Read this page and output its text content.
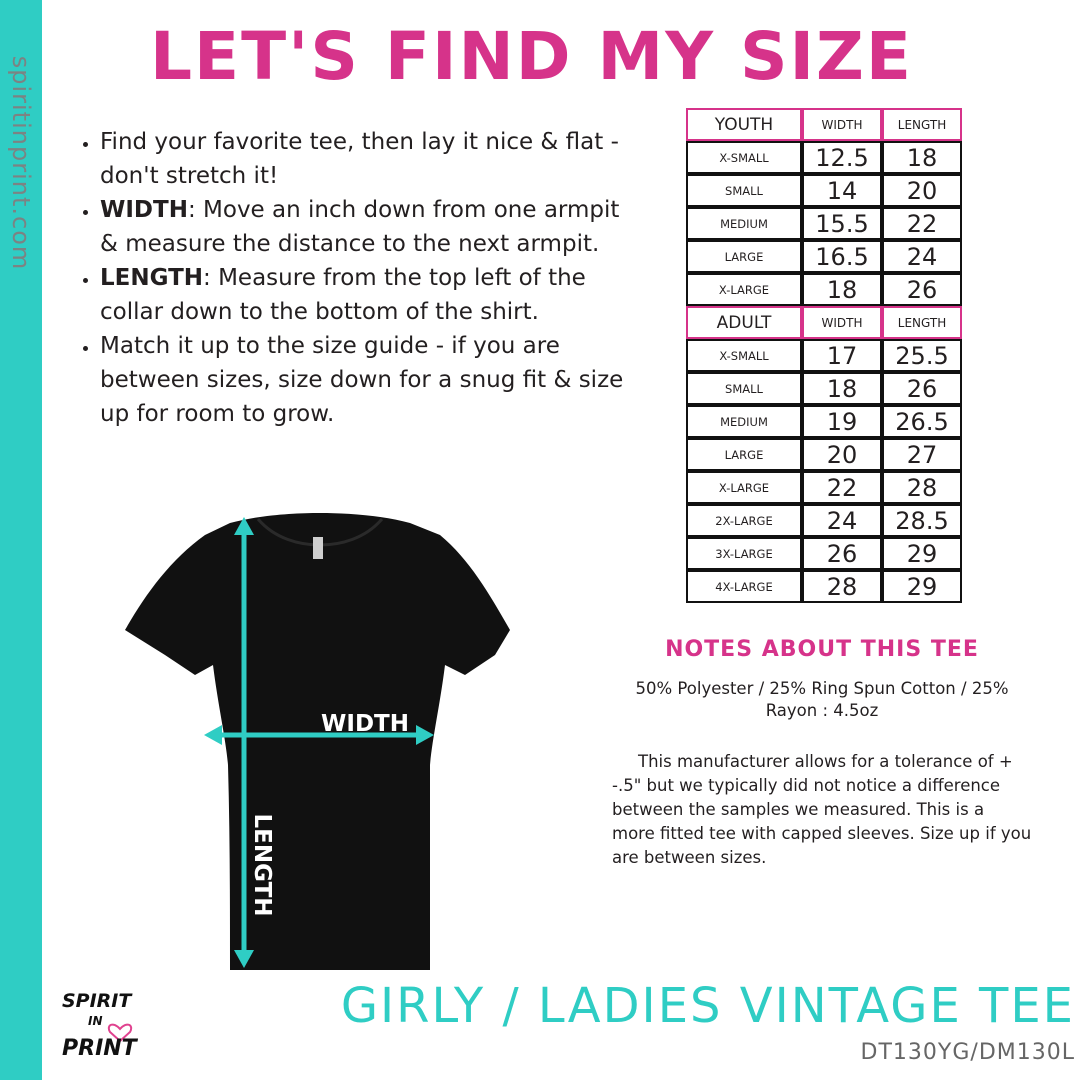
spiritinprint.com LET'S FIND MY SIZE
• Find your favorite tee, then lay it nice & flat - don't stretch it!
• WIDTH: Move an inch down from one armpit & measure the distance to the next armpit.
• LENGTH: Measure from the top left of the collar down to the bottom of the shirt.
• Match it up to the size guide - if you are between sizes, size down for a snug fit & size up for room to grow.
WIDTH
LENGTH
YOUTH	WIDTH	LENGTH
X-SMALL	12.5	18
SMALL	14	20
MEDIUM	15.5	22
LARGE	16.5	24
X-LARGE	18	26
ADULT	WIDTH	LENGTH
X-SMALL	17	25.5
SMALL	18	26
MEDIUM	19	26.5
LARGE	20	27
X-LARGE	22	28
2X-LARGE	24	28.5
3X-LARGE	26	29
4X-LARGE	28	29
NOTES ABOUT THIS TEE
50% Polyester / 25% Ring Spun Cotton / 25% Rayon : 4.5oz
This manufacturer allows for a tolerance of + -.5" but we typically did not notice a difference between the samples we measured. This is a more fitted tee with capped sleeves. Size up if you are between sizes.
SPIRIT
IN
PRINT
GIRLY / LADIES VINTAGE TEE
DT130YG/DM130L
